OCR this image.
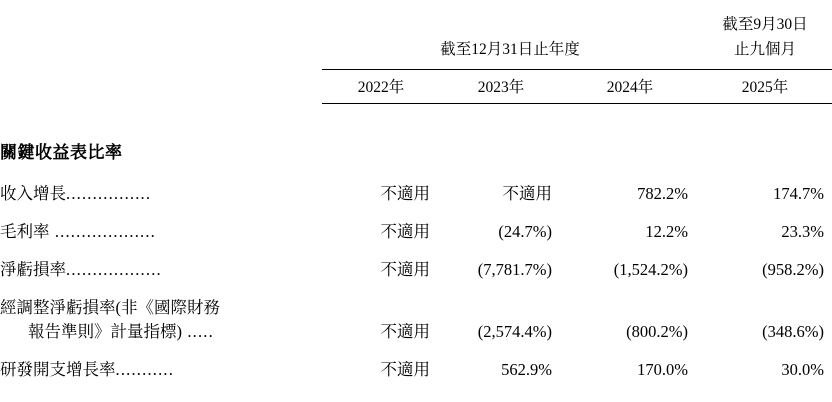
				截至9月30日
	截至12月31日止年度			止九個月

	2022年	2023年	2024年	2025年

關鍵收益表比率				
收入增長................	不適用	不適用	782.2%	174.7%
毛利率 ...................	不適用	(24.7%)	12.2%	23.3%
淨虧損率..................	不適用	(7,781.7%)	(1,524.2%)	(958.2%)
經調整淨虧損率(非《國際財務				
報告準則》計量指標) .....	不適用	(2,574.4%)	(800.2%)	(348.6%)
研發開支增長率...........	不適用	562.9%	170.0%	30.0%
